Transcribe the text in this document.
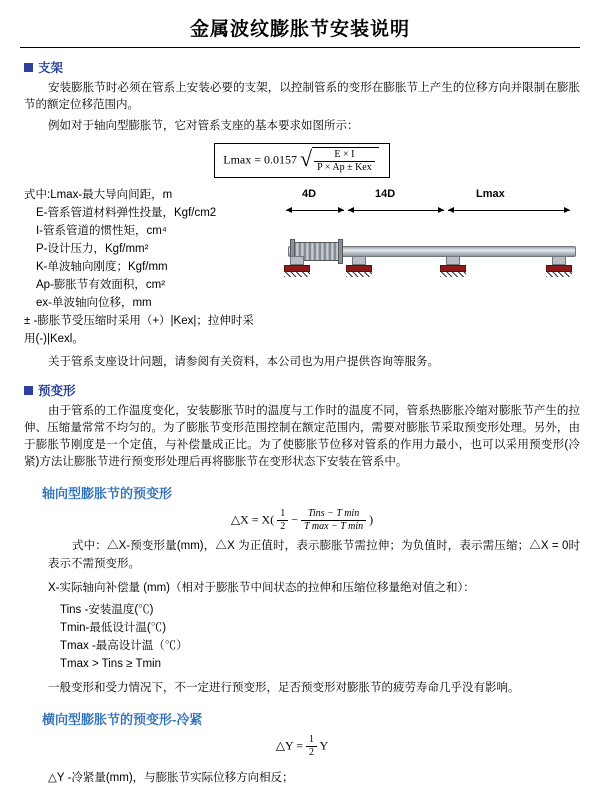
金属波纹膨胀节安装说明
支架

安装膨胀节时必须在管系上安装必要的支架，以控制管系的变形在膨胀节上产生的位移方向并限制在膨胀节的额定位移范围内。

例如对于轴向型膨胀节，它对管系支座的基本要求如图所示：

Lmax = 0.0157 √ $\frac{E \times I}{\text{P × Ap ± Kex}}$
式中:Lmax-最大导向间距，m
E-管系管道材料弹性投量，Kgf/cm2
I-管系管道的惯性矩，cm⁴
P-设计压力，Kgf/mm²
K-单波轴向刚度；Kgf/mm
Ap-膨胀节有效面积，cm²
ex-单波轴向位移，mm
± -膨胀节受压缩时采用（+）|Kex|；拉伸时采用(-)|Kexl。
4D	14D	Lmax

关于管系支座设计问题，请参阅有关资料，本公司也为用户提供咨询等服务。

预变形

由于管系的工作温度变化，安装膨胀节时的温度与工作时的温度不同，管系热膨胀冷缩对膨胀节产生的拉伸、压缩量常常不均匀的。为了膨胀节变形范围控制在额定范围内，需要对膨胀节采取预变形处理。另外，由于膨胀节刚度是一个定值，与补偿量成正比。为了使膨胀节位移对管系的作用力最小，也可以采用预变形(冷紧)方法让膨胀节进行预变形处理后再将膨胀节在变形状态下安装在管系中。

轴向型膨胀节的预变形
△X = $X( \frac{1}{2} - \frac{\text{Tins − T min}}{\text{T max − T min}}$ )

式中：△X-预变形量(mm)，△X 为正值时，表示膨胀节需拉伸；为负值时，表示需压缩；△X = 0时表示不需预变形。

X-实际轴向补偿量 (mm)（相对于膨胀节中间状态的拉伸和压缩位移量绝对值之和）：

Tins -安装温度(℃)
Tmin-最低设计温(℃)
Tmax -最高设计温（℃）
Tmax > Tins ≥ Tmin

一般变形和受力情况下，不一定进行预变形，足否预变形对膨胀节的疲劳寿命几乎没有影响。

横向型膨胀节的预变形-冷紧
△Y = $\frac{1}{2}$ Y

△Y -冷紧量(mm)，与膨胀节实际位移方向相反；
